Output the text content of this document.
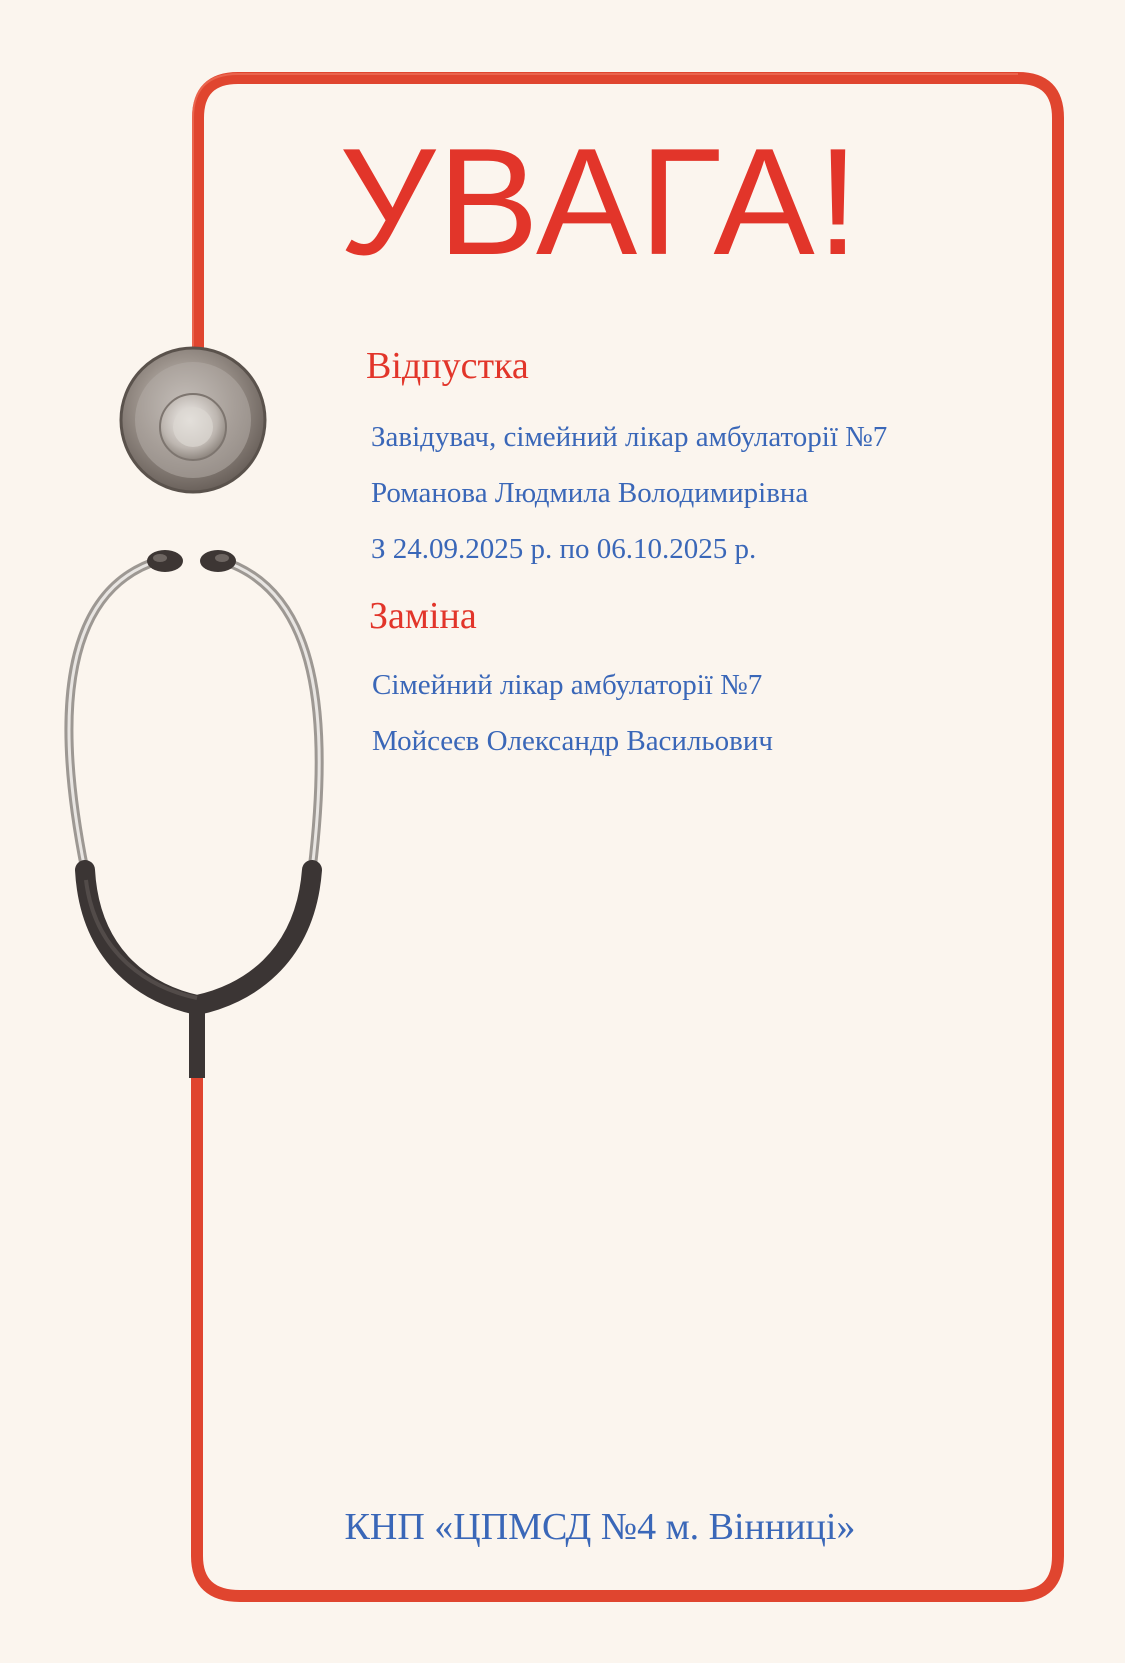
УВАГА!

Відпустка

Завідувач, сімейний лікар амбулаторії №7

Романова Людмила Володимирівна

З 24.09.2025 р. по 06.10.2025 р.

Заміна

Сімейний лікар амбулаторії №7

Мойсеєв Олександр Васильович

КНП «ЦПМСД №4 м. Вінниці»
